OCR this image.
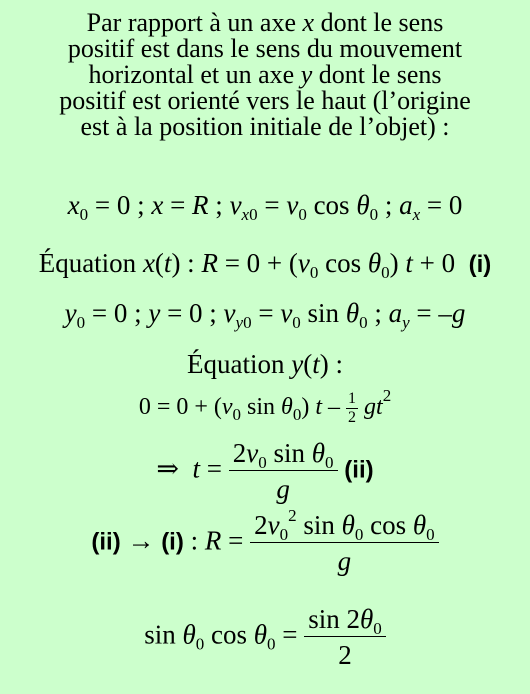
Par rapport à un axe x dont le sens
positif est dans le sens du mouvement
horizontal et un axe y dont le sens
positif est orienté vers le haut (l’origine
est à la position initiale de l’objet) :
$x_0 = 0$ ; x = R ; $v_{x0} = v_0$ $\cos \theta_0$ ; $a_x = 0$
Équation x(t) : $R = 0 + (v_0$ $\cos \theta_0$) t + 0  (i)
$y_0 = 0$ ; y = 0 ; $v_{y0} = v_0$ $\sin \theta_0$ ; $a_y = -g$
Équation y(t) :
$0 = 0 + (v_0$ $\sin \theta_0$) t – $\frac{1}{2} gt^2$
⇒ $t = \frac{2v_0 \sin \theta_0}{g} (ii)$
(ii) → (i) : $R = \frac{2v_0^2 \sin \theta_0 \cos \theta_0}{g}$
$\sin \theta_0$ $\cos \theta_0 = \frac{\sin 2\theta_0}{2}$
